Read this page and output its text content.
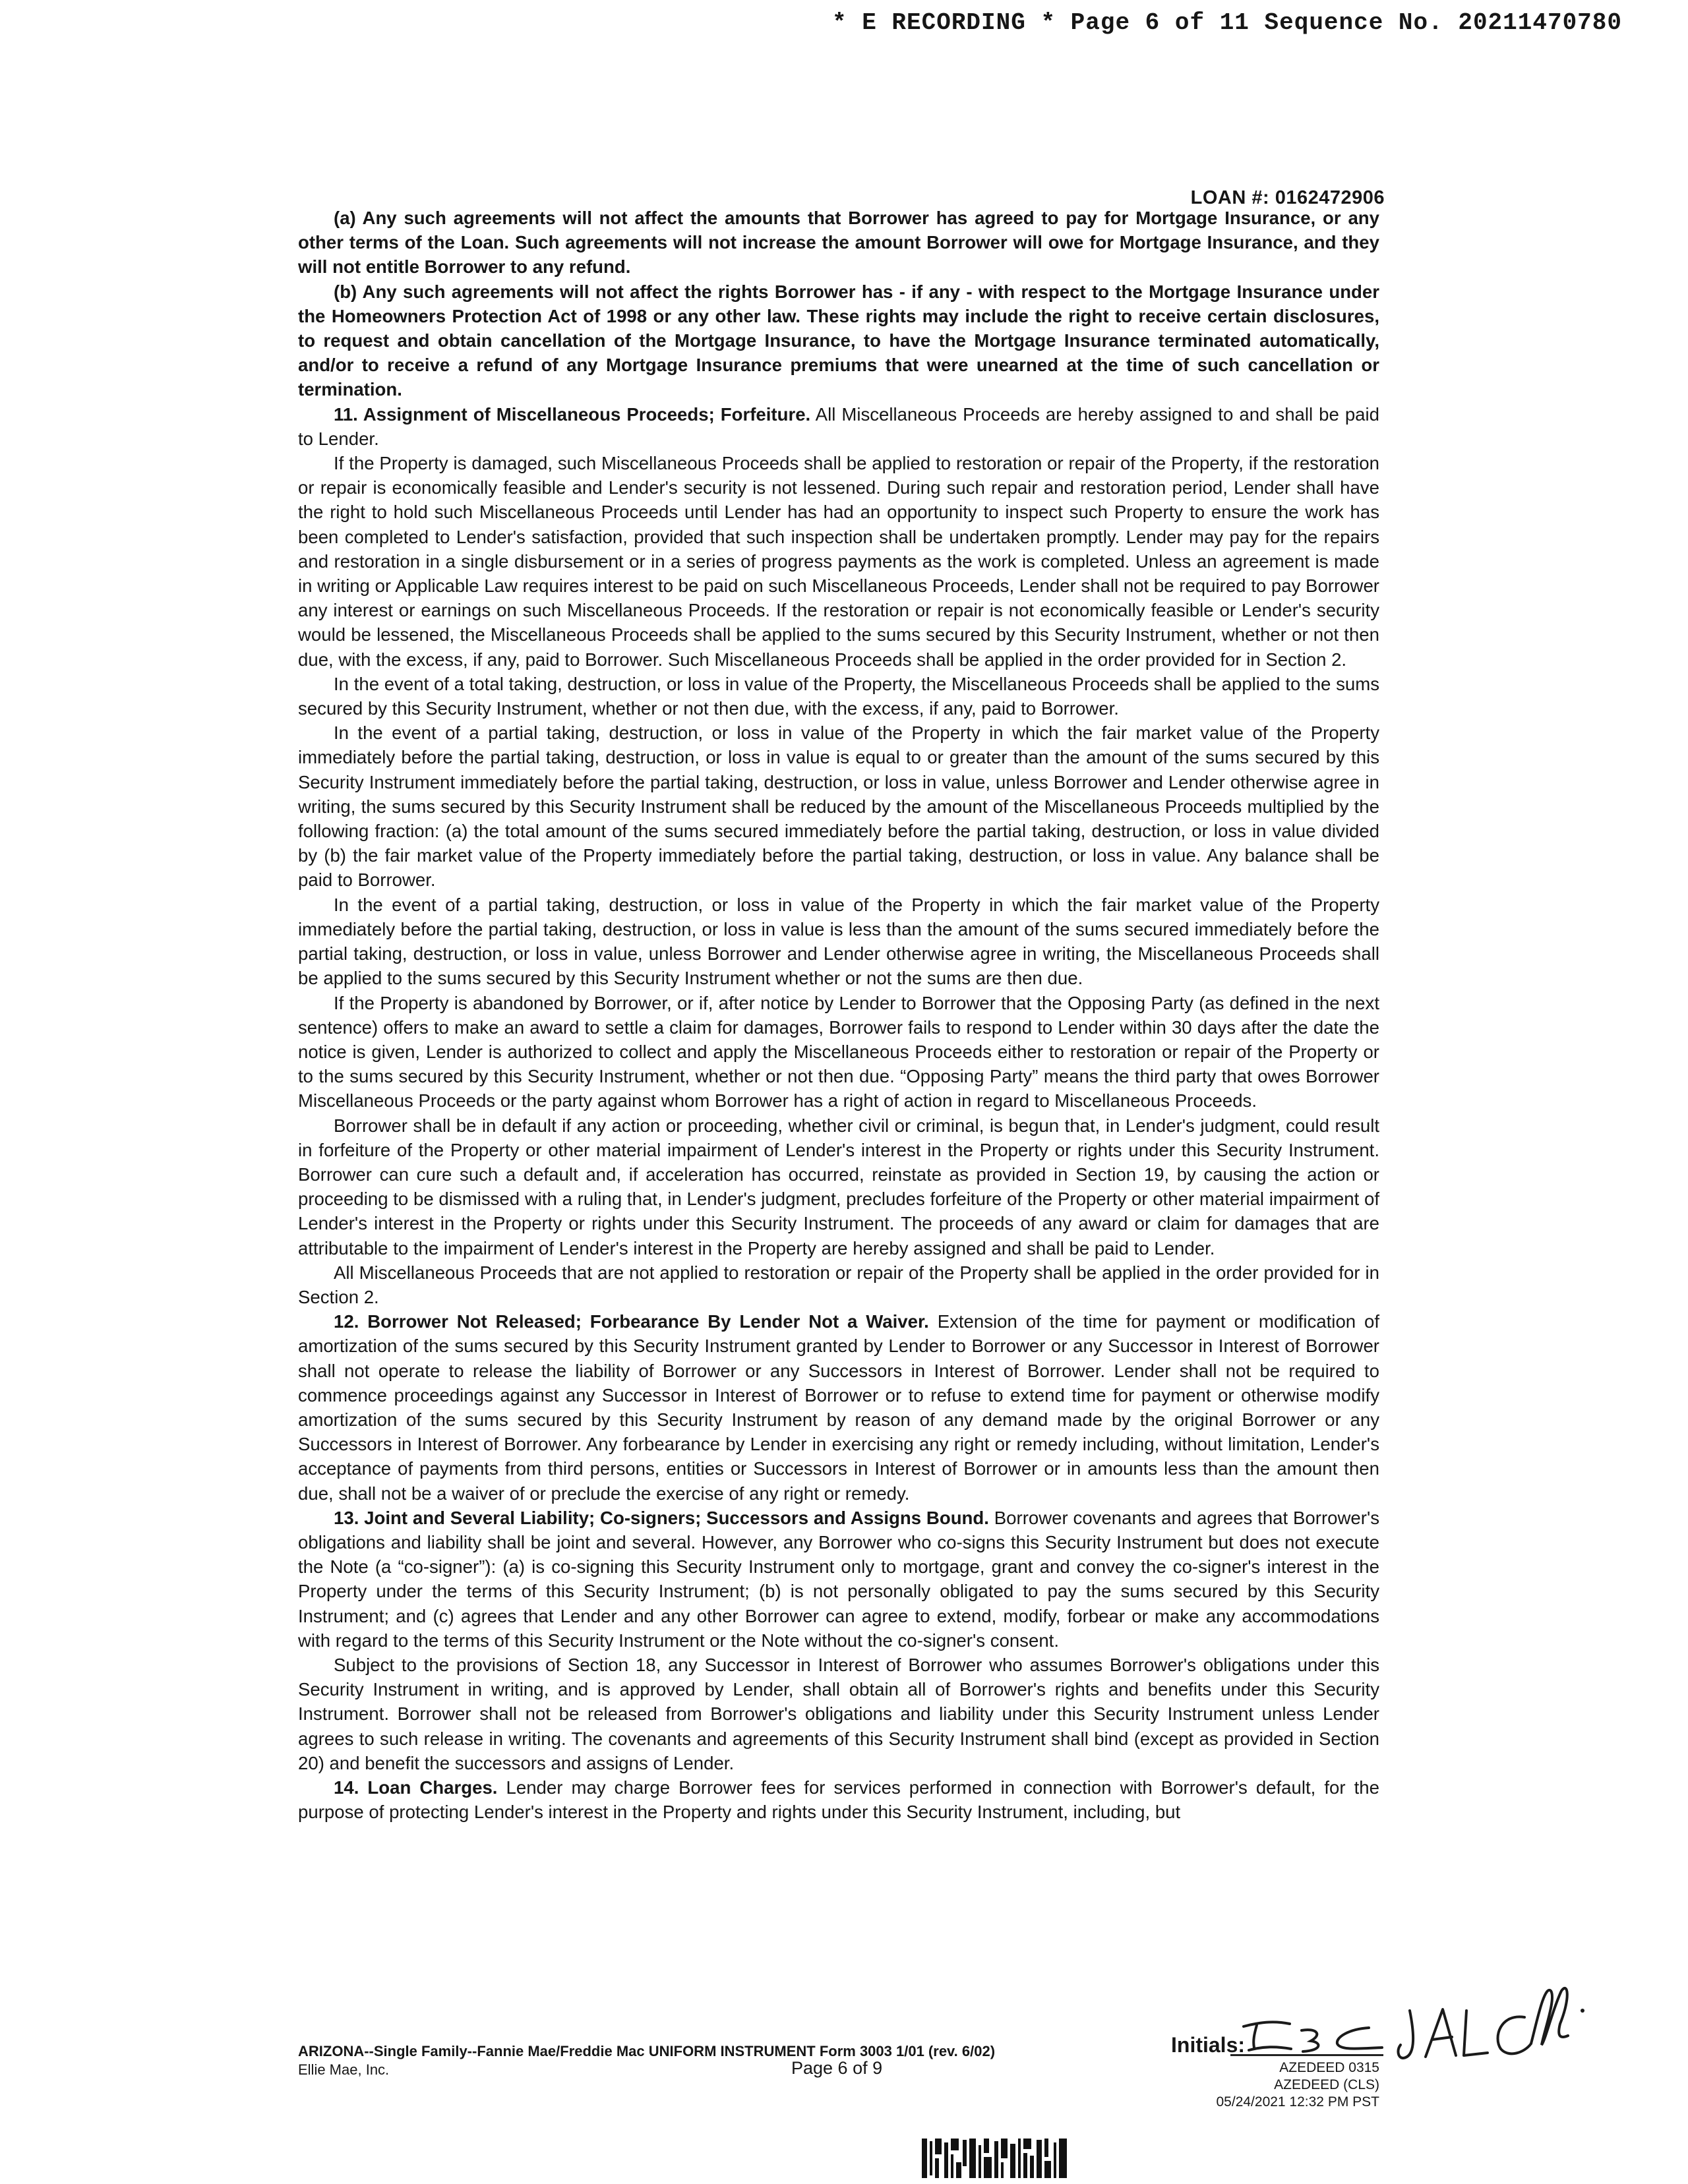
* E RECORDING * Page 6 of 11 Sequence No. 20211470780
LOAN #: 0162472906

(a) Any such agreements will not affect the amounts that Borrower has agreed to pay for Mortgage Insurance, or any other terms of the Loan. Such agreements will not increase the amount Borrower will owe for Mortgage Insurance, and they will not entitle Borrower to any refund.

(b) Any such agreements will not affect the rights Borrower has - if any - with respect to the Mortgage Insurance under the Homeowners Protection Act of 1998 or any other law. These rights may include the right to receive certain disclosures, to request and obtain cancellation of the Mortgage Insurance, to have the Mortgage Insurance terminated automatically, and/or to receive a refund of any Mortgage Insurance premiums that were unearned at the time of such cancellation or termination.

11. Assignment of Miscellaneous Proceeds; Forfeiture. All Miscellaneous Proceeds are hereby assigned to and shall be paid to Lender.

If the Property is damaged, such Miscellaneous Proceeds shall be applied to restoration or repair of the Property, if the restoration or repair is economically feasible and Lender's security is not lessened. During such repair and restoration period, Lender shall have the right to hold such Miscellaneous Proceeds until Lender has had an opportunity to inspect such Property to ensure the work has been completed to Lender's satisfaction, provided that such inspection shall be undertaken promptly. Lender may pay for the repairs and restoration in a single disbursement or in a series of progress payments as the work is completed. Unless an agreement is made in writing or Applicable Law requires interest to be paid on such Miscellaneous Proceeds, Lender shall not be required to pay Borrower any interest or earnings on such Miscellaneous Proceeds. If the restoration or repair is not economically feasible or Lender's security would be lessened, the Miscellaneous Proceeds shall be applied to the sums secured by this Security Instrument, whether or not then due, with the excess, if any, paid to Borrower. Such Miscellaneous Proceeds shall be applied in the order provided for in Section 2.

In the event of a total taking, destruction, or loss in value of the Property, the Miscellaneous Proceeds shall be applied to the sums secured by this Security Instrument, whether or not then due, with the excess, if any, paid to Borrower.

In the event of a partial taking, destruction, or loss in value of the Property in which the fair market value of the Property immediately before the partial taking, destruction, or loss in value is equal to or greater than the amount of the sums secured by this Security Instrument immediately before the partial taking, destruction, or loss in value, unless Borrower and Lender otherwise agree in writing, the sums secured by this Security Instrument shall be reduced by the amount of the Miscellaneous Proceeds multiplied by the following fraction: (a) the total amount of the sums secured immediately before the partial taking, destruction, or loss in value divided by (b) the fair market value of the Property immediately before the partial taking, destruction, or loss in value. Any balance shall be paid to Borrower.

In the event of a partial taking, destruction, or loss in value of the Property in which the fair market value of the Property immediately before the partial taking, destruction, or loss in value is less than the amount of the sums secured immediately before the partial taking, destruction, or loss in value, unless Borrower and Lender otherwise agree in writing, the Miscellaneous Proceeds shall be applied to the sums secured by this Security Instrument whether or not the sums are then due.

If the Property is abandoned by Borrower, or if, after notice by Lender to Borrower that the Opposing Party (as defined in the next sentence) offers to make an award to settle a claim for damages, Borrower fails to respond to Lender within 30 days after the date the notice is given, Lender is authorized to collect and apply the Miscellaneous Proceeds either to restoration or repair of the Property or to the sums secured by this Security Instrument, whether or not then due. “Opposing Party” means the third party that owes Borrower Miscellaneous Proceeds or the party against whom Borrower has a right of action in regard to Miscellaneous Proceeds.

Borrower shall be in default if any action or proceeding, whether civil or criminal, is begun that, in Lender's judgment, could result in forfeiture of the Property or other material impairment of Lender's interest in the Property or rights under this Security Instrument. Borrower can cure such a default and, if acceleration has occurred, reinstate as provided in Section 19, by causing the action or proceeding to be dismissed with a ruling that, in Lender's judgment, precludes forfeiture of the Property or other material impairment of Lender's interest in the Property or rights under this Security Instrument. The proceeds of any award or claim for damages that are attributable to the impairment of Lender's interest in the Property are hereby assigned and shall be paid to Lender.

All Miscellaneous Proceeds that are not applied to restoration or repair of the Property shall be applied in the order provided for in Section 2.

12. Borrower Not Released; Forbearance By Lender Not a Waiver. Extension of the time for payment or modification of amortization of the sums secured by this Security Instrument granted by Lender to Borrower or any Successor in Interest of Borrower shall not operate to release the liability of Borrower or any Successors in Interest of Borrower. Lender shall not be required to commence proceedings against any Successor in Interest of Borrower or to refuse to extend time for payment or otherwise modify amortization of the sums secured by this Security Instrument by reason of any demand made by the original Borrower or any Successors in Interest of Borrower. Any forbearance by Lender in exercising any right or remedy including, without limitation, Lender's acceptance of payments from third persons, entities or Successors in Interest of Borrower or in amounts less than the amount then due, shall not be a waiver of or preclude the exercise of any right or remedy.

13. Joint and Several Liability; Co-signers; Successors and Assigns Bound. Borrower covenants and agrees that Borrower's obligations and liability shall be joint and several. However, any Borrower who co-signs this Security Instrument but does not execute the Note (a “co-signer”): (a) is co-signing this Security Instrument only to mortgage, grant and convey the co-signer's interest in the Property under the terms of this Security Instrument; (b) is not personally obligated to pay the sums secured by this Security Instrument; and (c) agrees that Lender and any other Borrower can agree to extend, modify, forbear or make any accommodations with regard to the terms of this Security Instrument or the Note without the co-signer's consent.

Subject to the provisions of Section 18, any Successor in Interest of Borrower who assumes Borrower's obligations under this Security Instrument in writing, and is approved by Lender, shall obtain all of Borrower's rights and benefits under this Security Instrument. Borrower shall not be released from Borrower's obligations and liability under this Security Instrument unless Lender agrees to such release in writing. The covenants and agreements of this Security Instrument shall bind (except as provided in Section 20) and benefit the successors and assigns of Lender.

14. Loan Charges. Lender may charge Borrower fees for services performed in connection with Borrower's default, for the purpose of protecting Lender's interest in the Property and rights under this Security Instrument, including, but

ARIZONA--Single Family--Fannie Mae/Freddie Mac UNIFORM INSTRUMENT Form 3003 1/01 (rev. 6/02)
Ellie Mae, Inc.	Page 6 of 9
Initials:
AZEDEED 0315
AZEDEED (CLS)
05/24/2021 12:32 PM PST
